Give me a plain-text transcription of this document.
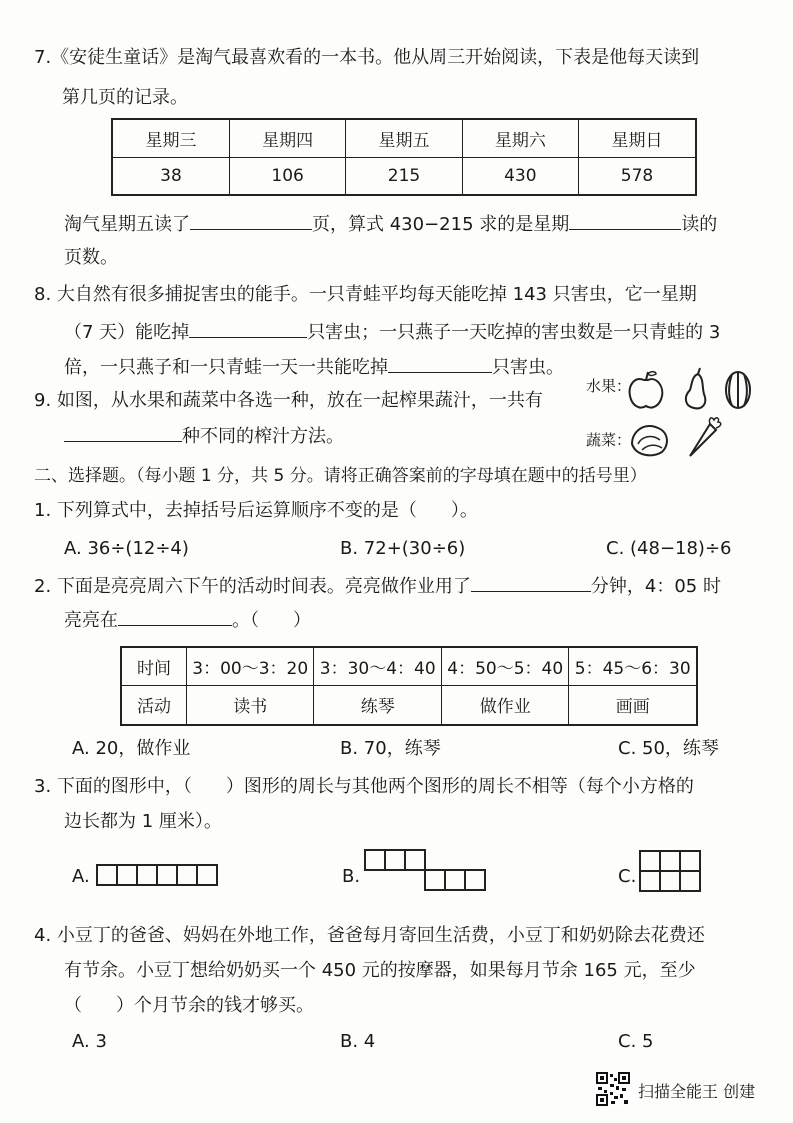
7.《安徒生童话》是淘气最喜欢看的一本书。他从周三开始阅读，下表是他每天读到
第几页的记录。
星期三	星期四	星期五	星期六	星期日
38	106	215	430	578
淘气星期五读了	页，算式 430−215 求的是星期	读的
页数。
8. 大自然有很多捕捉害虫的能手。一只青蛙平均每天能吃掉 143 只害虫，它一星期
（7 天）能吃掉	只害虫；一只燕子一天吃掉的害虫数是一只青蛙的 3
倍，一只燕子和一只青蛙一天一共能吃掉	只害虫。
9. 如图，从水果和蔬菜中各选一种，放在一起榨果蔬汁，一共有
种不同的榨汁方法。
水果：
蔬菜：
二、选择题。（每小题 1 分，共 5 分。请将正确答案前的字母填在题中的括号里）
1. 下列算式中，去掉括号后运算顺序不变的是（ ）。
A. 36÷(12÷4)	B. 72+(30÷6)	C. (48−18)÷6
2. 下面是亮亮周六下午的活动时间表。亮亮做作业用了	分钟，4：05 时
亮亮在	。（ ）
时间	3：00～3：20	3：30～4：40	4：50～5：40	5：45～6：30
活动	读书	练琴	做作业	画画
A. 20，做作业	B. 70，练琴	C. 50，练琴
3. 下面的图形中，（ ）图形的周长与其他两个图形的周长不相等（每个小方格的
边长都为 1 厘米）。
A.	B.	C.
4. 小豆丁的爸爸、妈妈在外地工作，爸爸每月寄回生活费，小豆丁和奶奶除去花费还
有节余。小豆丁想给奶奶买一个 450 元的按摩器，如果每月节余 165 元，至少
（ ）个月节余的钱才够买。
A. 3	B. 4	C. 5
扫描全能王 创建
